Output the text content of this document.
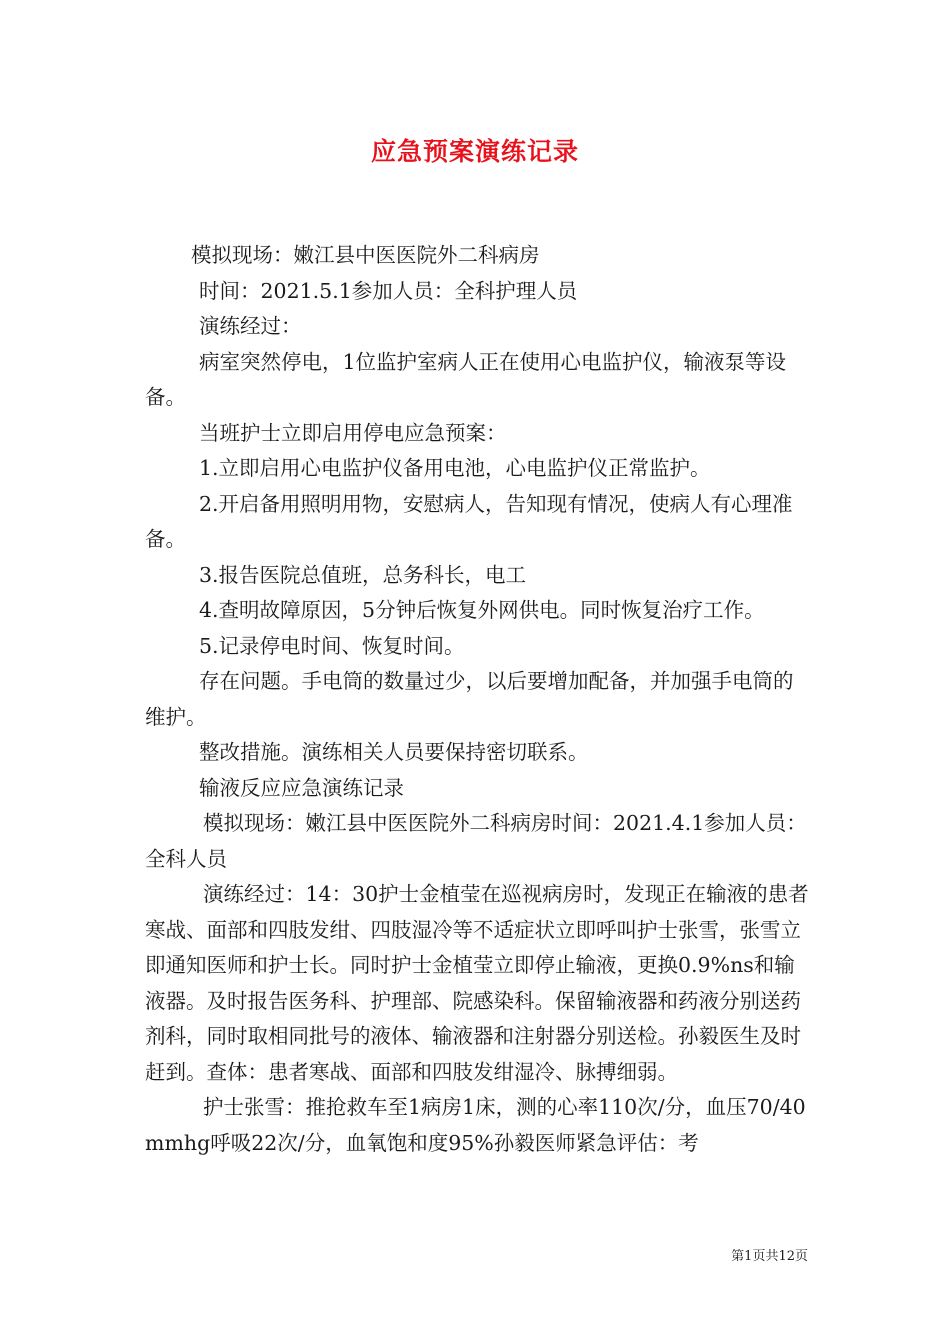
应急预案演练记录

模拟现场：嫩江县中医医院外二科病房

时间：2021.5.1参加人员：全科护理人员

演练经过：

病室突然停电，1位监护室病人正在使用心电监护仪，输液泵等设备。

当班护士立即启用停电应急预案：

1.立即启用心电监护仪备用电池，心电监护仪正常监护。

2.开启备用照明用物，安慰病人，告知现有情况，使病人有心理准备。

3.报告医院总值班，总务科长，电工

4.查明故障原因，5分钟后恢复外网供电。同时恢复治疗工作。

5.记录停电时间、恢复时间。

存在问题。手电筒的数量过少，以后要增加配备，并加强手电筒的维护。

整改措施。演练相关人员要保持密切联系。

输液反应应急演练记录

模拟现场：嫩江县中医医院外二科病房时间：2021.4.1参加人员：全科人员

演练经过：14：30护士金植莹在巡视病房时，发现正在输液的患者寒战、面部和四肢发绀、四肢湿冷等不适症状立即呼叫护士张雪，张雪立即通知医师和护士长。同时护士金植莹立即停止输液，更换0.9%ns和输液器。及时报告医务科、护理部、院感染科。保留输液器和药液分别送药剂科，同时取相同批号的液体、输液器和注射器分别送检。孙毅医生及时赶到。查体：患者寒战、面部和四肢发绀湿冷、脉搏细弱。

护士张雪：推抢救车至1病房1床，测的心率110次/分，血压70/40mmhg呼吸22次/分，血氧饱和度95%孙毅医师紧急评估：考

第1页共12页
